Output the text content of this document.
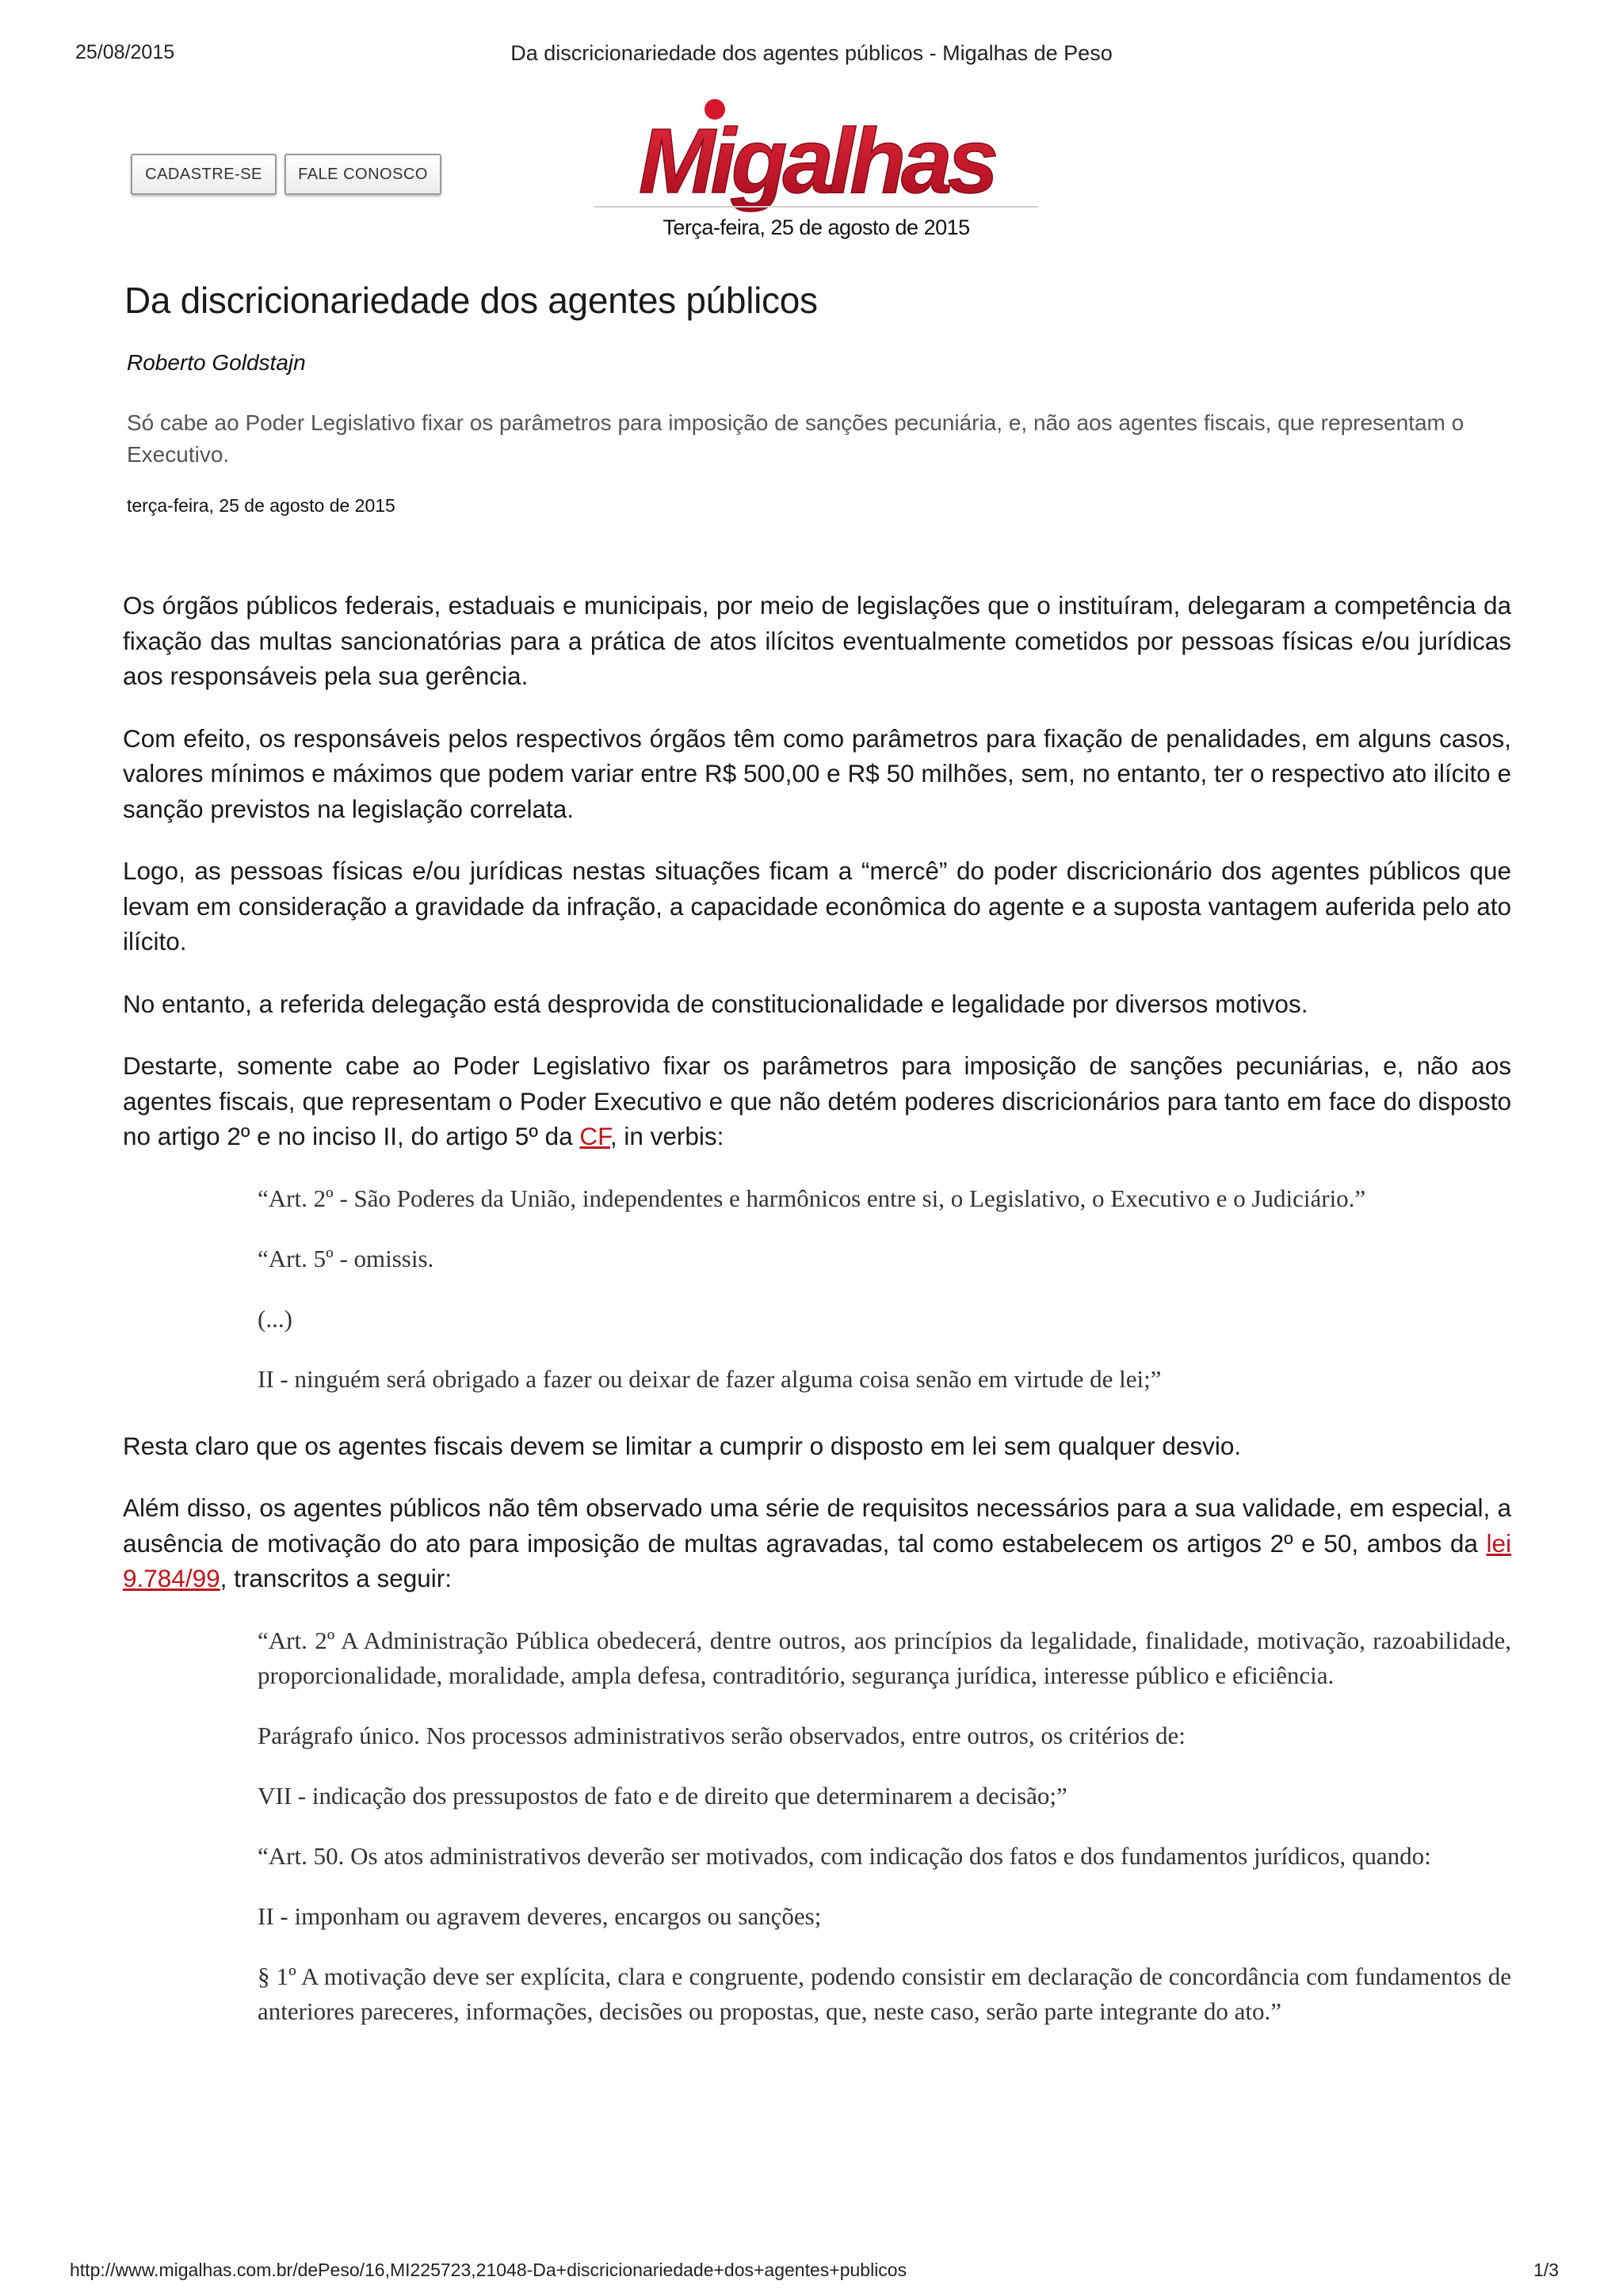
25/08/2015	Da discricionariedade dos agentes públicos - Migalhas de Peso
CADASTRE-SE	FALE CONOSCO Migalhas
Terça-feira, 25 de agosto de 2015
Da discricionariedade dos agentes públicos
Roberto Goldstajn
Só cabe ao Poder Legislativo fixar os parâmetros para imposição de sanções pecuniária, e, não aos agentes fiscais, que representam o Executivo.
terça-feira, 25 de agosto de 2015

Os órgãos públicos federais, estaduais e municipais, por meio de legislações que o instituíram, delegaram a competência da fixação das multas sancionatórias para a prática de atos ilícitos eventualmente cometidos por pessoas físicas e/ou jurídicas aos responsáveis pela sua gerência.

Com efeito, os responsáveis pelos respectivos órgãos têm como parâmetros para fixação de penalidades, em alguns casos, valores mínimos e máximos que podem variar entre R$ 500,00 e R$ 50 milhões, sem, no entanto, ter o respectivo ato ilícito e sanção previstos na legislação correlata.

Logo, as pessoas físicas e/ou jurídicas nestas situações ficam a “mercê” do poder discricionário dos agentes públicos que levam em consideração a gravidade da infração, a capacidade econômica do agente e a suposta vantagem auferida pelo ato ilícito.

No entanto, a referida delegação está desprovida de constitucionalidade e legalidade por diversos motivos.

Destarte, somente cabe ao Poder Legislativo fixar os parâmetros para imposição de sanções pecuniárias, e, não aos agentes fiscais, que representam o Poder Executivo e que não detém poderes discricionários para tanto em face do disposto no artigo 2º e no inciso II, do artigo 5º da CF, in verbis:

“Art. 2º - São Poderes da União, independentes e harmônicos entre si, o Legislativo, o Executivo e o Judiciário.”

“Art. 5º - omissis.

(...)

II - ninguém será obrigado a fazer ou deixar de fazer alguma coisa senão em virtude de lei;”

Resta claro que os agentes fiscais devem se limitar a cumprir o disposto em lei sem qualquer desvio.

Além disso, os agentes públicos não têm observado uma série de requisitos necessários para a sua validade, em especial, a ausência de motivação do ato para imposição de multas agravadas, tal como estabelecem os artigos 2º e 50, ambos da lei 9.784/99, transcritos a seguir:

“Art. 2º A Administração Pública obedecerá, dentre outros, aos princípios da legalidade, finalidade, motivação, razoabilidade, proporcionalidade, moralidade, ampla defesa, contraditório, segurança jurídica, interesse público e eficiência.

Parágrafo único. Nos processos administrativos serão observados, entre outros, os critérios de:

VII - indicação dos pressupostos de fato e de direito que determinarem a decisão;”

“Art. 50. Os atos administrativos deverão ser motivados, com indicação dos fatos e dos fundamentos jurídicos, quando:

II - imponham ou agravem deveres, encargos ou sanções;

§ 1º A motivação deve ser explícita, clara e congruente, podendo consistir em declaração de concordância com fundamentos de anteriores pareceres, informações, decisões ou propostas, que, neste caso, serão parte integrante do ato.”

http://www.migalhas.com.br/dePeso/16,MI225723,21048-Da+discricionariedade+dos+agentes+publicos	1/3
